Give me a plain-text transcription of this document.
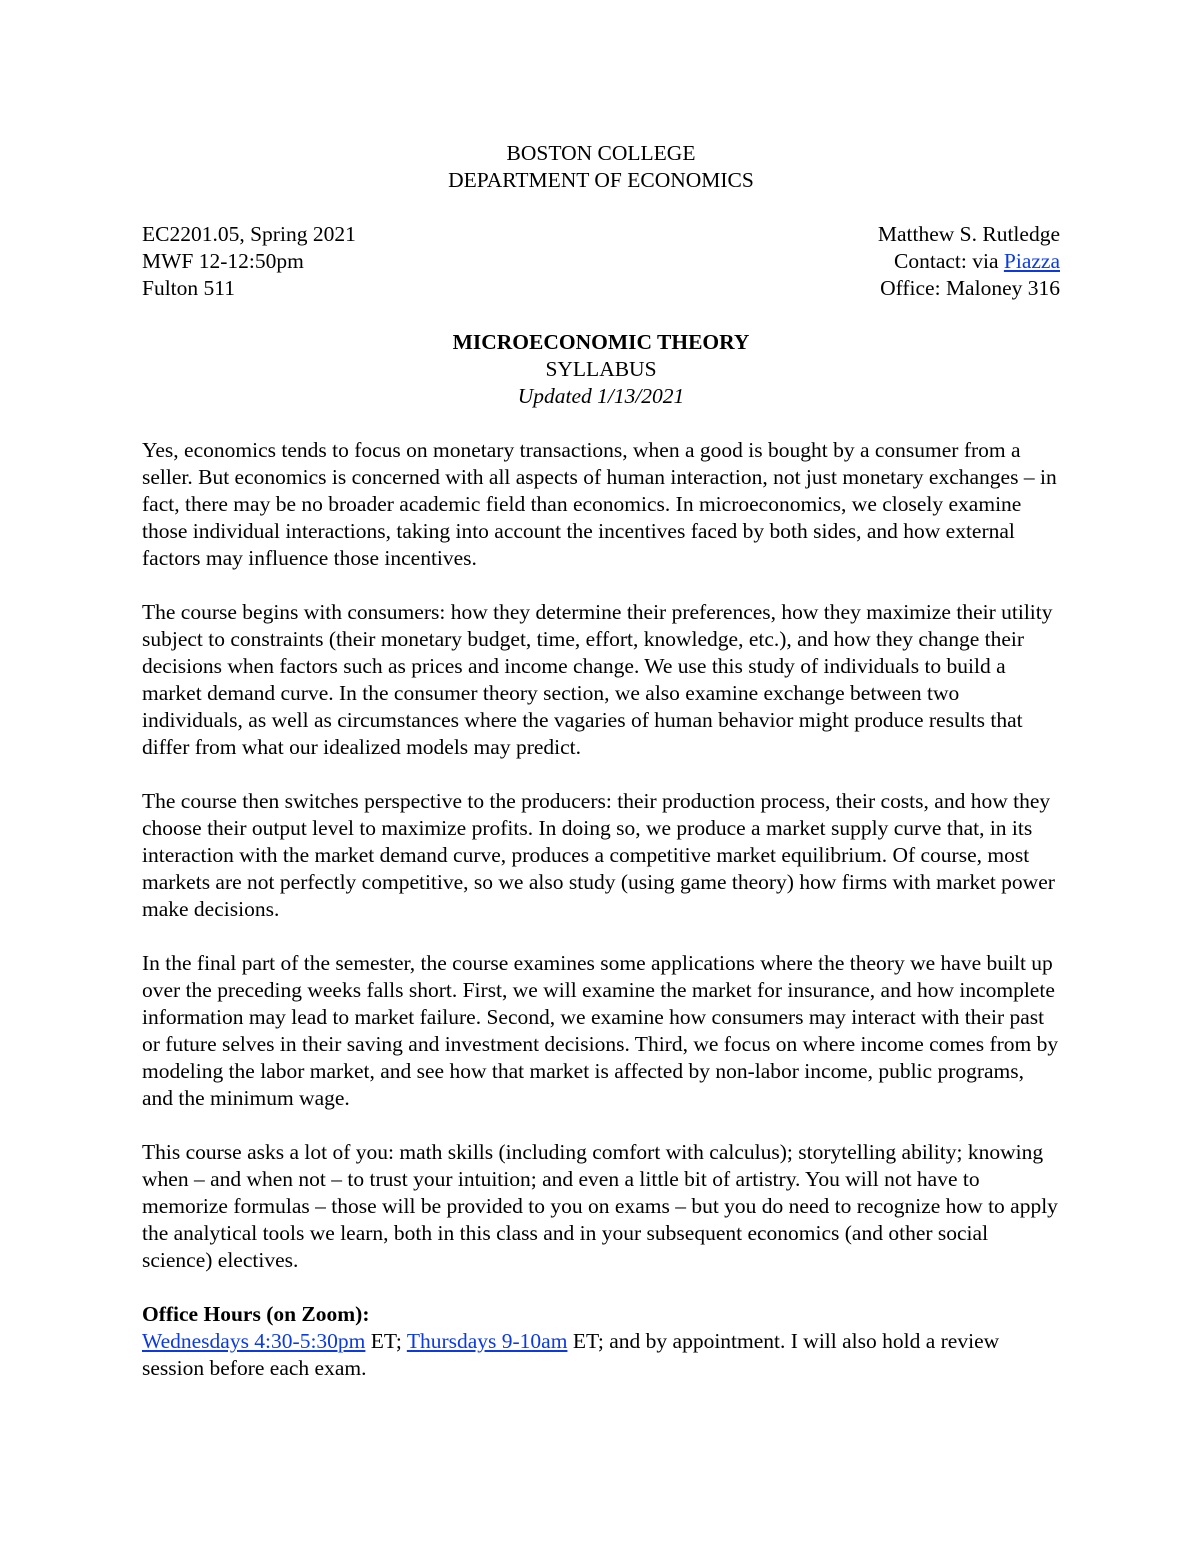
BOSTON COLLEGE
DEPARTMENT OF ECONOMICS
EC2201.05, Spring 2021
MWF 12-12:50pm
Fulton 511
Matthew S. Rutledge
Contact: via Piazza
Office: Maloney 316
MICROECONOMIC THEORY
SYLLABUS
Updated 1/13/2021

Yes, economics tends to focus on monetary transactions, when a good is bought by a consumer from a seller. But economics is concerned with all aspects of human interaction, not just monetary exchanges – in fact, there may be no broader academic field than economics. In microeconomics, we closely examine those individual interactions, taking into account the incentives faced by both sides, and how external factors may influence those incentives.

The course begins with consumers: how they determine their preferences, how they maximize their utility subject to constraints (their monetary budget, time, effort, knowledge, etc.), and how they change their decisions when factors such as prices and income change. We use this study of individuals to build a market demand curve. In the consumer theory section, we also examine exchange between two individuals, as well as circumstances where the vagaries of human behavior might produce results that differ from what our idealized models may predict.

The course then switches perspective to the producers: their production process, their costs, and how they choose their output level to maximize profits. In doing so, we produce a market supply curve that, in its interaction with the market demand curve, produces a competitive market equilibrium. Of course, most markets are not perfectly competitive, so we also study (using game theory) how firms with market power make decisions.

In the final part of the semester, the course examines some applications where the theory we have built up over the preceding weeks falls short. First, we will examine the market for insurance, and how incomplete information may lead to market failure. Second, we examine how consumers may interact with their past or future selves in their saving and investment decisions. Third, we focus on where income comes from by modeling the labor market, and see how that market is affected by non-labor income, public programs, and the minimum wage.

This course asks a lot of you: math skills (including comfort with calculus); storytelling ability; knowing when – and when not – to trust your intuition; and even a little bit of artistry. You will not have to memorize formulas – those will be provided to you on exams – but you do need to recognize how to apply the analytical tools we learn, both in this class and in your subsequent economics (and other social science) electives.

Office Hours (on Zoom):
Wednesdays 4:30-5:30pm ET; Thursdays 9-10am ET; and by appointment. I will also hold a review session before each exam.
